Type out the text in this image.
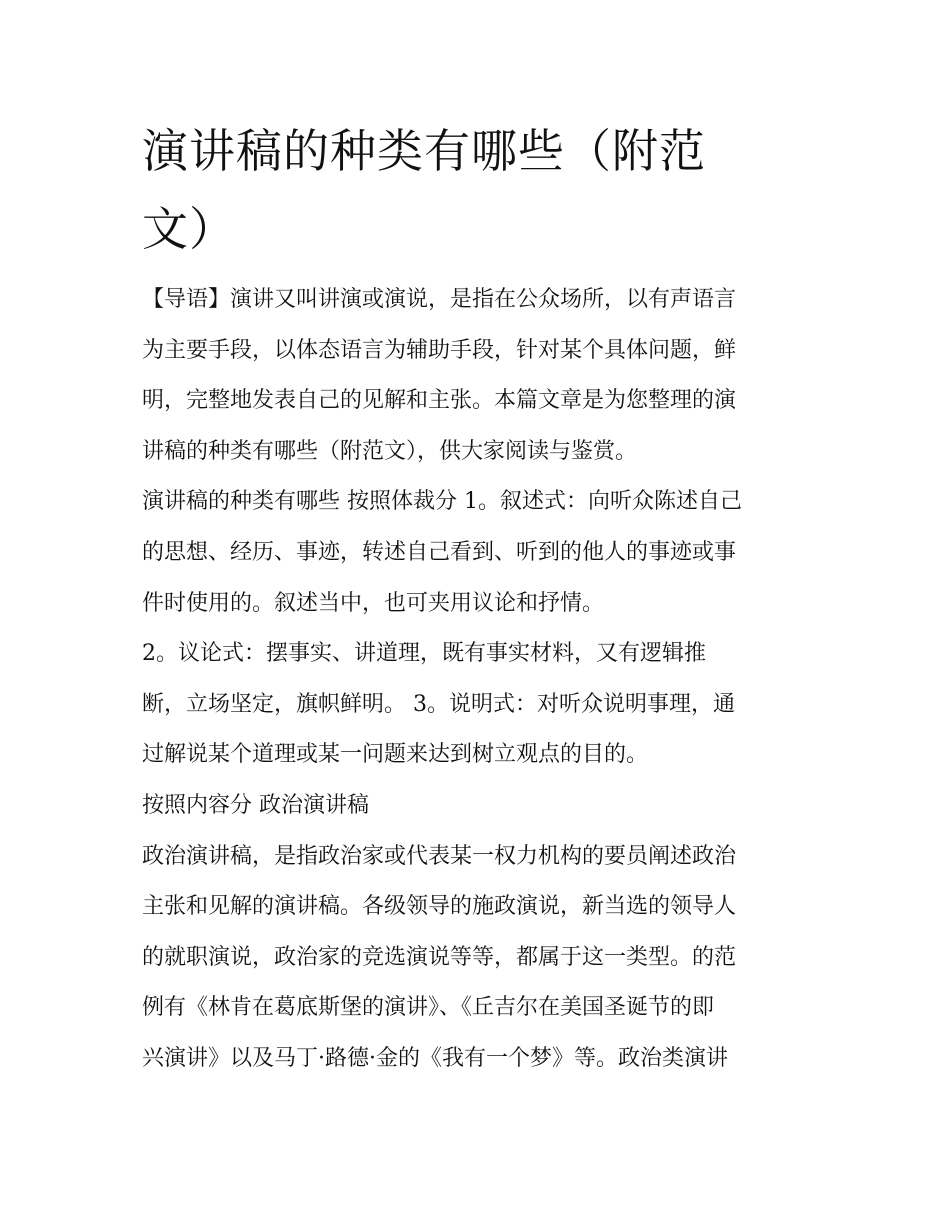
演讲稿的种类有哪些（附范
文）
【导语】演讲又叫讲演或演说，是指在公众场所，以有声语言
为主要手段，以体态语言为辅助手段，针对某个具体问题，鲜
明，完整地发表自己的见解和主张。本篇文章是为您整理的演
讲稿的种类有哪些（附范文），供大家阅读与鉴赏。
演讲稿的种类有哪些 按照体裁分 1。叙述式：向听众陈述自己
的思想、经历、事迹，转述自己看到、听到的他人的事迹或事
件时使用的。叙述当中，也可夹用议论和抒情。
2。议论式：摆事实、讲道理，既有事实材料，又有逻辑推
断，立场坚定，旗帜鲜明。 3。说明式：对听众说明事理，通
过解说某个道理或某一问题来达到树立观点的目的。
按照内容分 政治演讲稿
政治演讲稿，是指政治家或代表某一权力机构的要员阐述政治
主张和见解的演讲稿。各级领导的施政演说，新当选的领导人
的就职演说，政治家的竞选演说等等，都属于这一类型。的范
例有《林肯在葛底斯堡的演讲》、《丘吉尔在美国圣诞节的即
兴演讲》以及马丁·路德·金的《我有一个梦》等。政治类演讲
